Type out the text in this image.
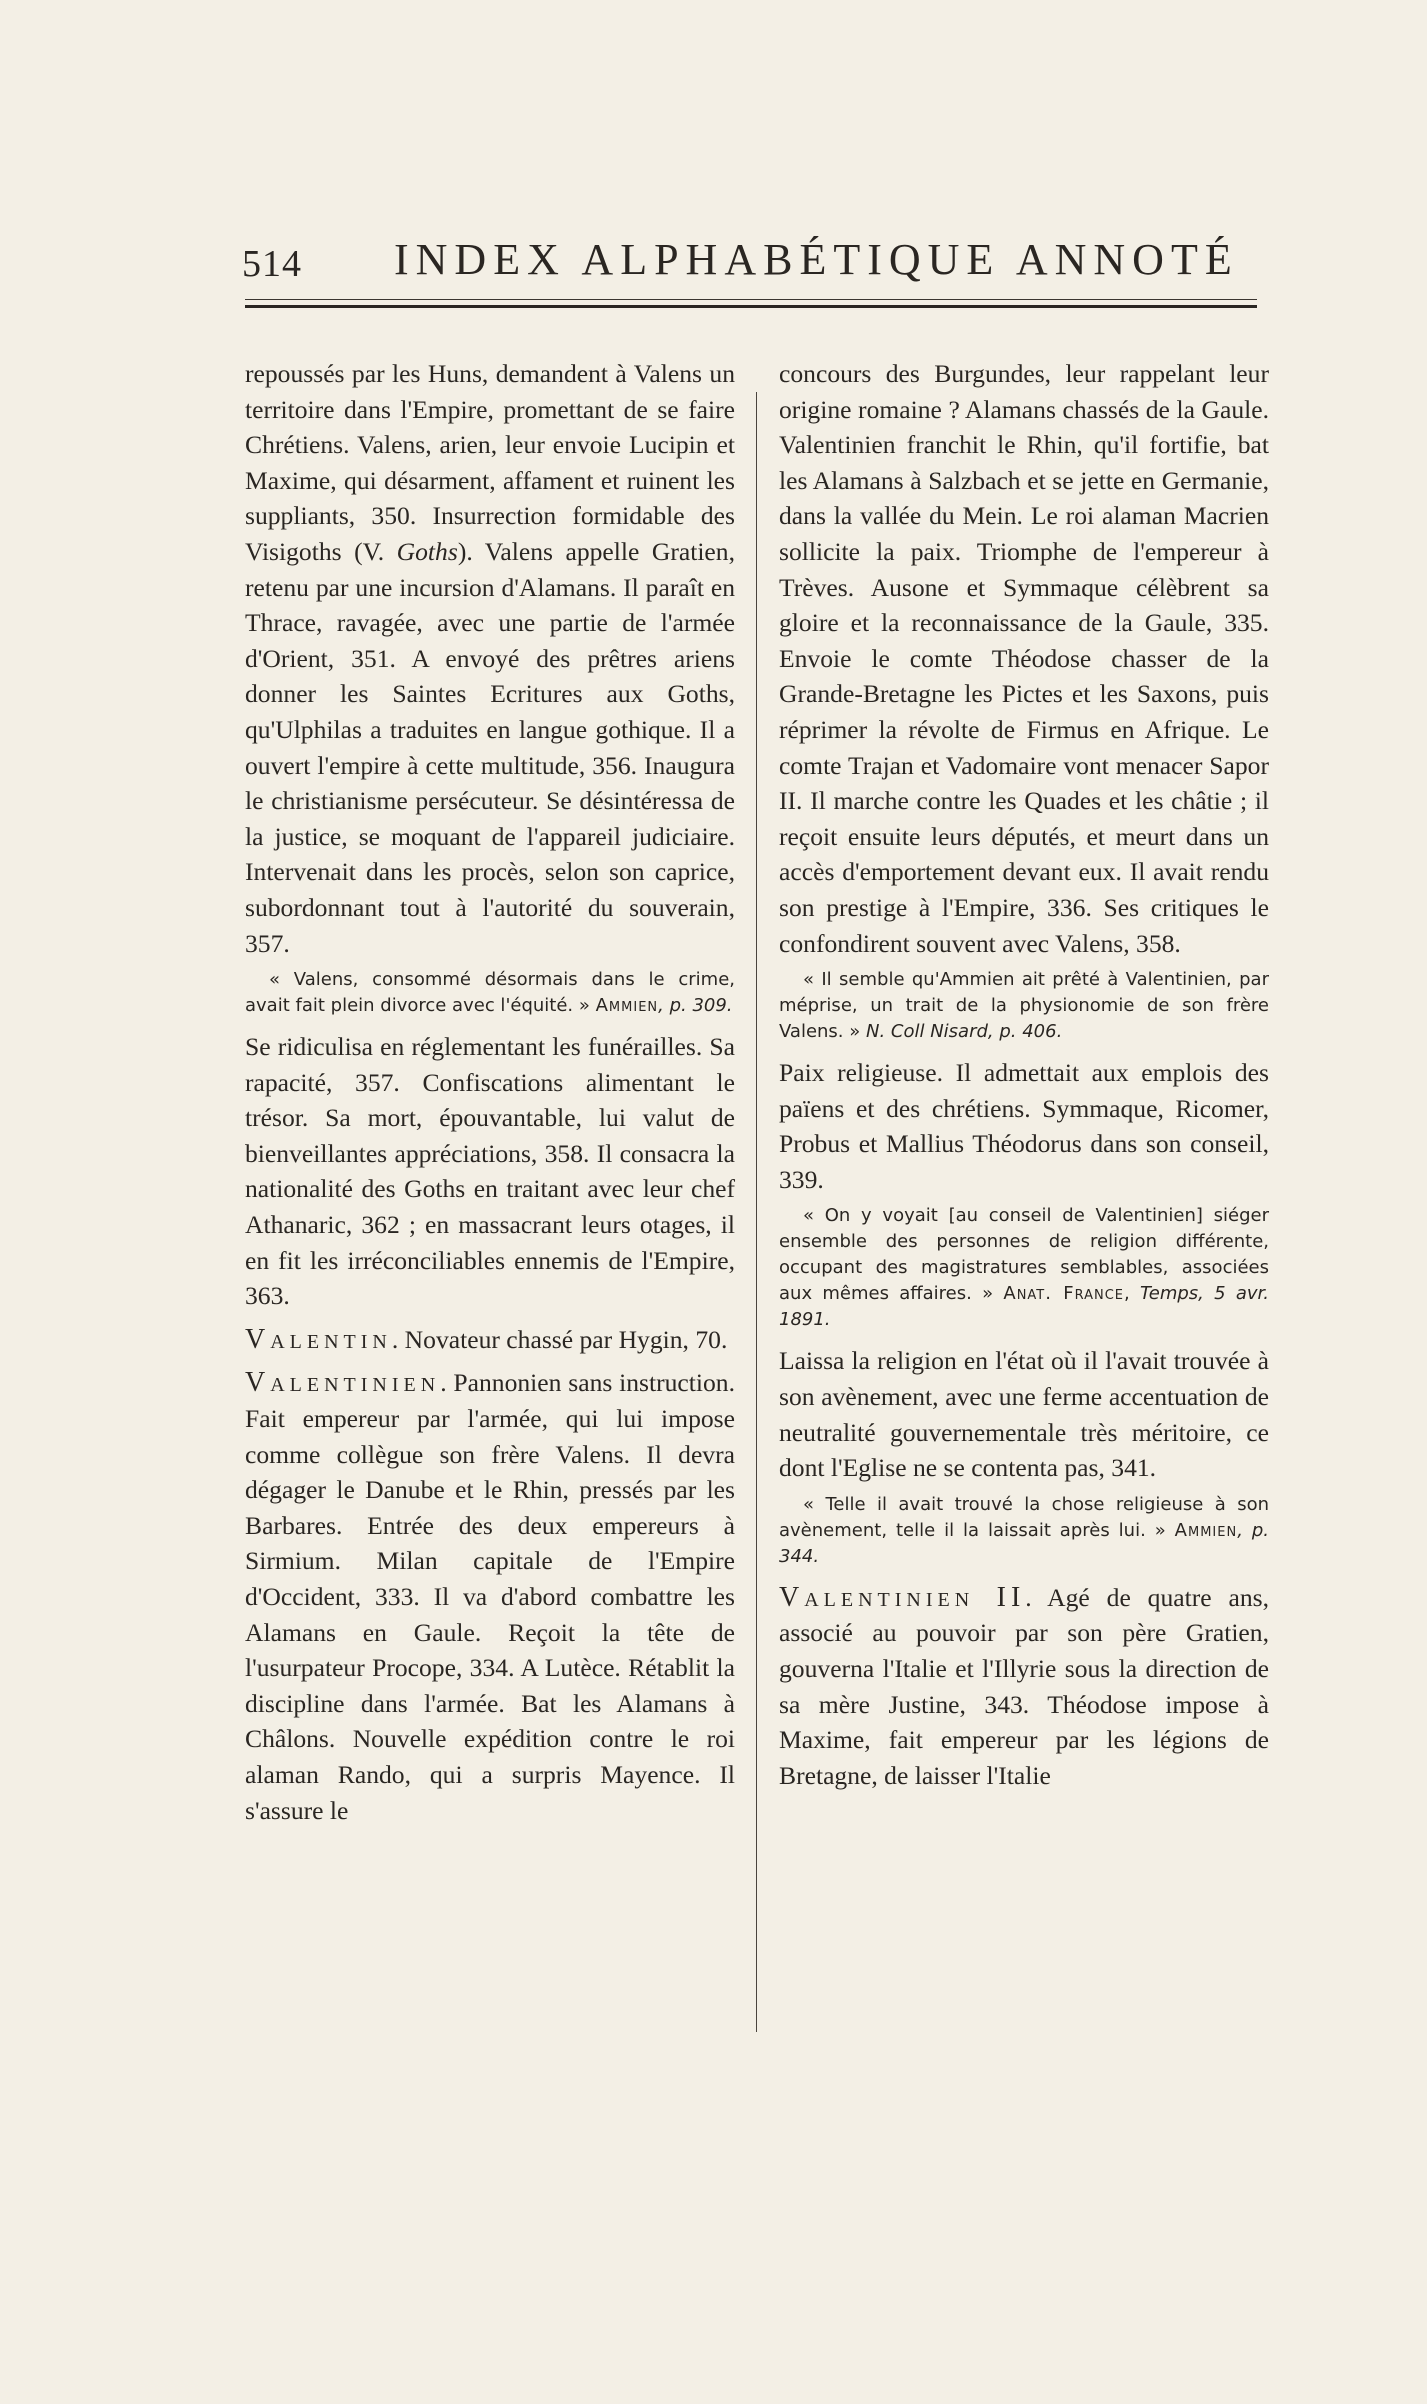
514 INDEX ALPHABÉTIQUE ANNOTÉ

repoussés par les Huns, demandent à Valens un territoire dans l'Empire, promettant de se faire Chrétiens. Valens, arien, leur envoie Lucipin et Maxime, qui désarment, affament et ruinent les suppliants, 350. Insurrection formidable des Visigoths (V. Goths). Valens appelle Gratien, retenu par une incursion d'Alamans. Il paraît en Thrace, ravagée, avec une partie de l'armée d'Orient, 351. A envoyé des prêtres ariens donner les Saintes Ecritures aux Goths, qu'Ulphilas a traduites en langue gothique. Il a ouvert l'empire à cette multitude, 356. Inaugura le christianisme persécuteur. Se désintéressa de la justice, se moquant de l'appareil judiciaire. Intervenait dans les procès, selon son caprice, subordonnant tout à l'autorité du souverain, 357.

« Valens, consommé désormais dans le crime, avait fait plein divorce avec l'équité. » Ammien, p. 309.

Se ridiculisa en réglementant les funérailles. Sa rapacité, 357. Confiscations alimentant le trésor. Sa mort, épouvantable, lui valut de bienveillantes appréciations, 358. Il consacra la nationalité des Goths en traitant avec leur chef Athanaric, 362 ; en massacrant leurs otages, il en fit les irréconciliables ennemis de l'Empire, 363.

Valentin. Novateur chassé par Hygin, 70.

Valentinien. Pannonien sans instruction. Fait empereur par l'armée, qui lui impose comme collègue son frère Valens. Il devra dégager le Danube et le Rhin, pressés par les Barbares. Entrée des deux empereurs à Sirmium. Milan capitale de l'Empire d'Occident, 333. Il va d'abord combattre les Alamans en Gaule. Reçoit la tête de l'usurpateur Procope, 334. A Lutèce. Rétablit la discipline dans l'armée. Bat les Alamans à Châlons. Nouvelle expédition contre le roi alaman Rando, qui a surpris Mayence. Il s'assure le

concours des Burgundes, leur rappelant leur origine romaine ? Alamans chassés de la Gaule. Valentinien franchit le Rhin, qu'il fortifie, bat les Alamans à Salzbach et se jette en Germanie, dans la vallée du Mein. Le roi alaman Macrien sollicite la paix. Triomphe de l'empereur à Trèves. Ausone et Symmaque célèbrent sa gloire et la reconnaissance de la Gaule, 335. Envoie le comte Théodose chasser de la Grande-Bretagne les Pictes et les Saxons, puis réprimer la révolte de Firmus en Afrique. Le comte Trajan et Vadomaire vont menacer Sapor II. Il marche contre les Quades et les châtie ; il reçoit ensuite leurs députés, et meurt dans un accès d'emportement devant eux. Il avait rendu son prestige à l'Empire, 336. Ses critiques le confondirent souvent avec Valens, 358.

« Il semble qu'Ammien ait prêté à Valentinien, par méprise, un trait de la physionomie de son frère Valens. » N. Coll Nisard, p. 406.

Paix religieuse. Il admettait aux emplois des païens et des chrétiens. Symmaque, Ricomer, Probus et Mallius Théodorus dans son conseil, 339.

« On y voyait [au conseil de Valentinien] siéger ensemble des personnes de religion différente, occupant des magistratures semblables, associées aux mêmes affaires. » Anat. France, Temps, 5 avr. 1891.

Laissa la religion en l'état où il l'avait trouvée à son avènement, avec une ferme accentuation de neutralité gouvernementale très méritoire, ce dont l'Eglise ne se contenta pas, 341.

« Telle il avait trouvé la chose religieuse à son avènement, telle il la laissait après lui. » Ammien, p. 344.

Valentinien II. Agé de quatre ans, associé au pouvoir par son père Gratien, gouverna l'Italie et l'Illyrie sous la direction de sa mère Justine, 343. Théodose impose à Maxime, fait empereur par les légions de Bretagne, de laisser l'Italie
